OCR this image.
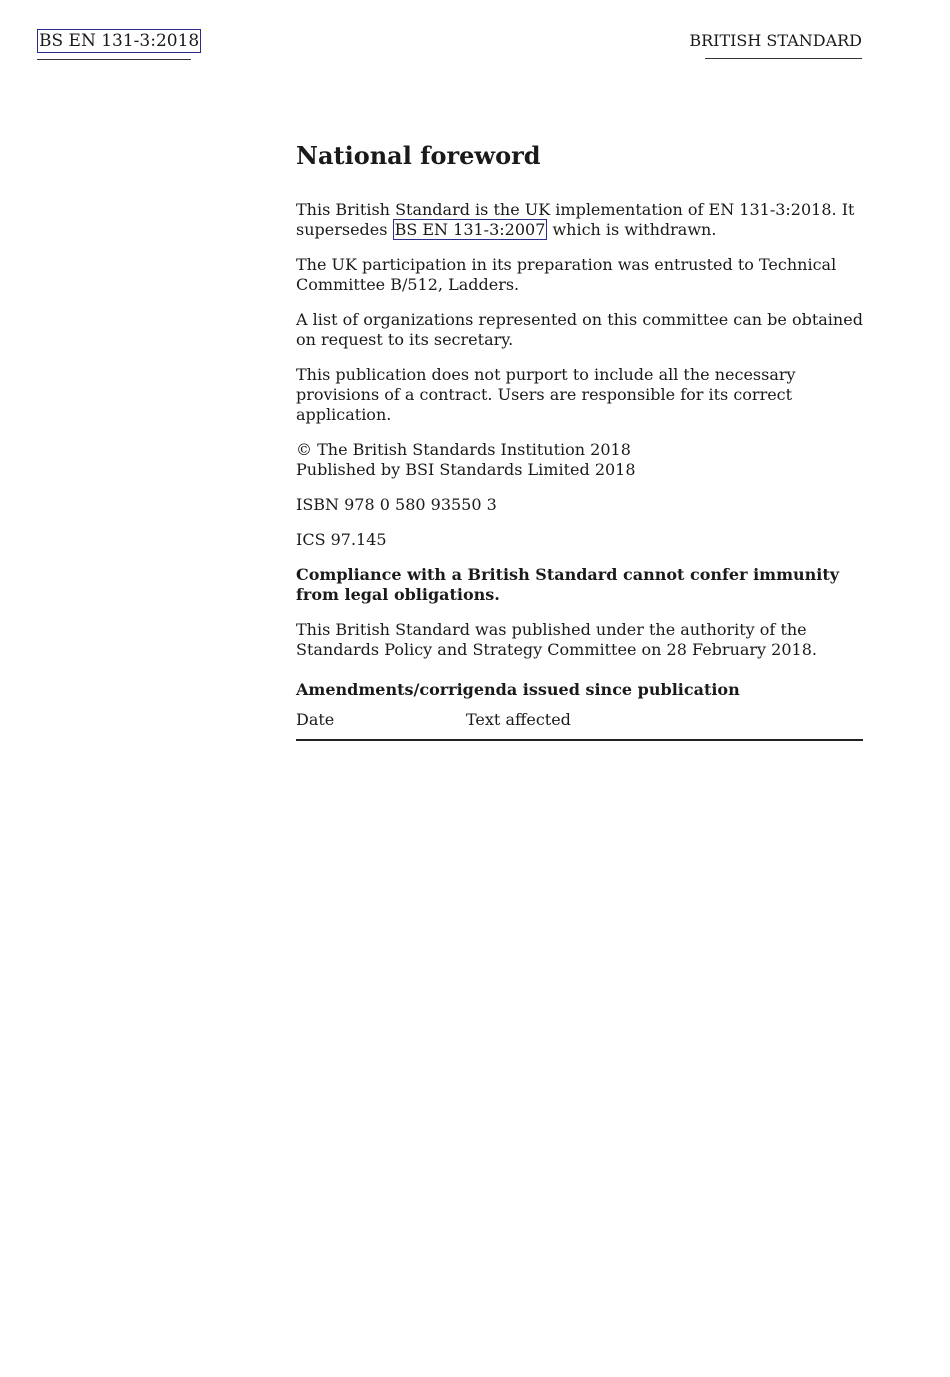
BS EN 131-3:2018	BRITISH STANDARD
National foreword

This British Standard is the UK implementation of EN 131-3:2018. It supersedes BS EN 131-3:2007 which is withdrawn.

The UK participation in its preparation was entrusted to Technical Committee B/512, Ladders.

A list of organizations represented on this committee can be obtained on request to its secretary.

This publication does not purport to include all the necessary provisions of a contract. Users are responsible for its correct application.

© The British Standards Institution 2018
Published by BSI Standards Limited 2018

ISBN 978 0 580 93550 3

ICS 97.145

Compliance with a British Standard cannot confer immunity from legal obligations.

This British Standard was published under the authority of the Standards Policy and Strategy Committee on 28 February 2018.

Amendments/corrigenda issued since publication
Date	Text affected
